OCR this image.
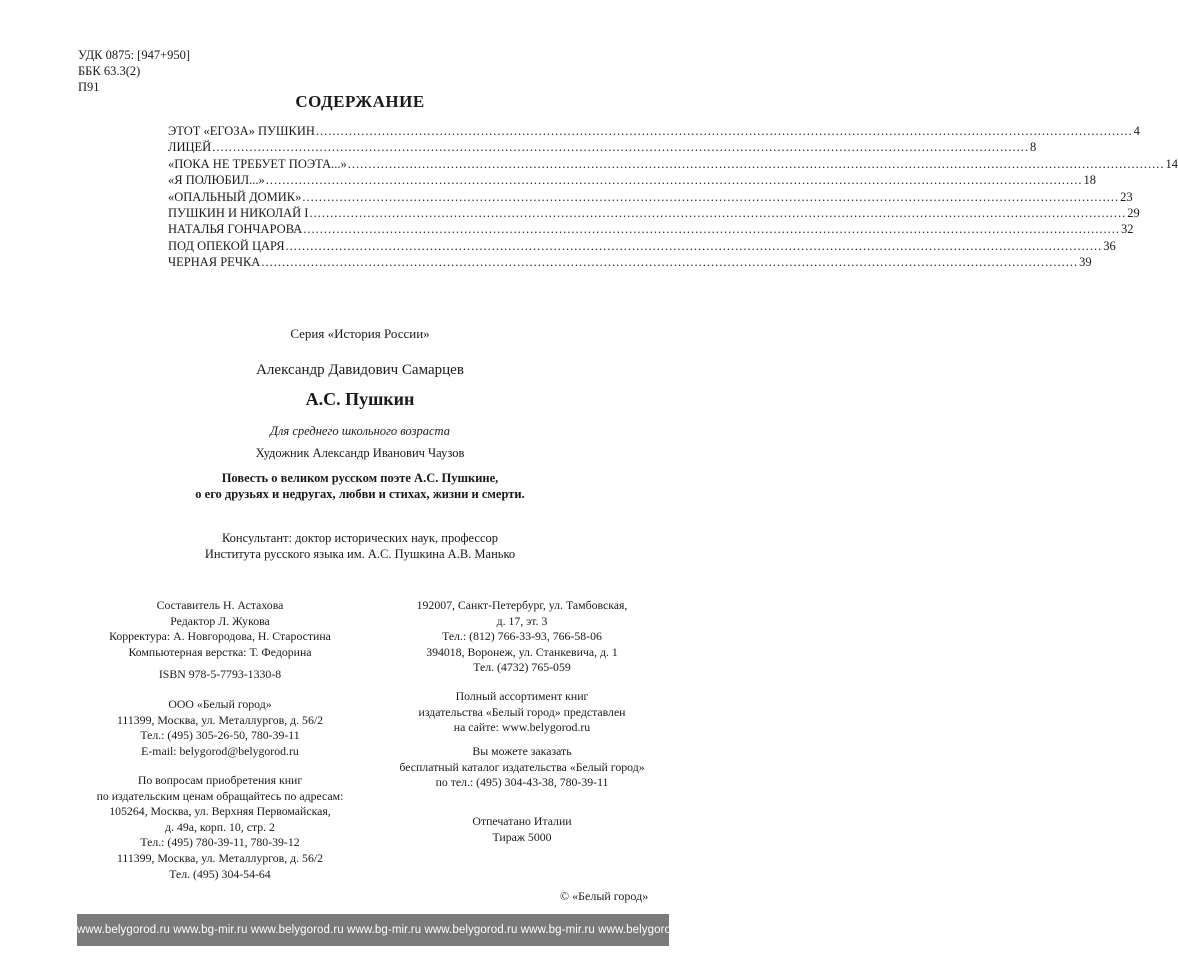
УДК 0875: [947+950]
ББК 63.3(2)
П91
СОДЕРЖАНИЕ
ЭТОТ «ЕГОЗА» ПУШКИН .....	4
ЛИЦЕЙ .....	8
«ПОКА НЕ ТРЕБУЕТ ПОЭТА...» .....	14
«Я ПОЛЮБИЛ...» .....	18
«ОПАЛЬНЫЙ ДОМИК» .....	23
ПУШКИН И НИКОЛАЙ I .....	29
НАТАЛЬЯ ГОНЧАРОВА .....	32
ПОД ОПЕКОЙ ЦАРЯ .....	36
ЧЕРНАЯ РЕЧКА .....	39
Серия «История России»
Александр Давидович Самарцев
А.С. Пушкин
Для среднего школьного возраста
Художник Александр Иванович Чаузов
Повесть о великом русском поэте А.С. Пушкине,
о его друзьях и недругах, любви и стихах, жизни и смерти.
Консультант: доктор исторических наук, профессор
Института русского языка им. А.С. Пушкина А.В. Манько
Составитель Н. Астахова
Редактор Л. Жукова
Корректура: А. Новгородова, Н. Старостина
Компьютерная верстка: Т. Федорина
ISBN 978-5-7793-1330-8
ООО «Белый город»
111399, Москва, ул. Металлургов, д. 56/2
Тел.: (495) 305-26-50, 780-39-11
E-mail: belygorod@belygorod.ru
По вопросам приобретения книг
по издательским ценам обращайтесь по адресам:
105264, Москва, ул. Верхняя Первомайская,
д. 49а, корп. 10, стр. 2
Тел.: (495) 780-39-11, 780-39-12
111399, Москва, ул. Металлургов, д. 56/2
Тел. (495) 304-54-64
192007, Санкт-Петербург, ул. Тамбовская,
д. 17, эт. 3
Тел.: (812) 766-33-93, 766-58-06
394018, Воронеж, ул. Станкевича, д. 1
Тел. (4732) 765-059
Полный ассортимент книг
издательства «Белый город» представлен
на сайте: www.belygorod.ru
Вы можете заказать
бесплатный каталог издательства «Белый город»
по тел.: (495) 304-43-38, 780-39-11
Отпечатано Италии
Тираж 5000
© «Белый город»
www.belygorod.ru www.bg-mir.ru www.belygorod.ru www.bg-mir.ru www.belygorod.ru www.bg-mir.ru www.belygorod.ru www.bg-mir.ru
